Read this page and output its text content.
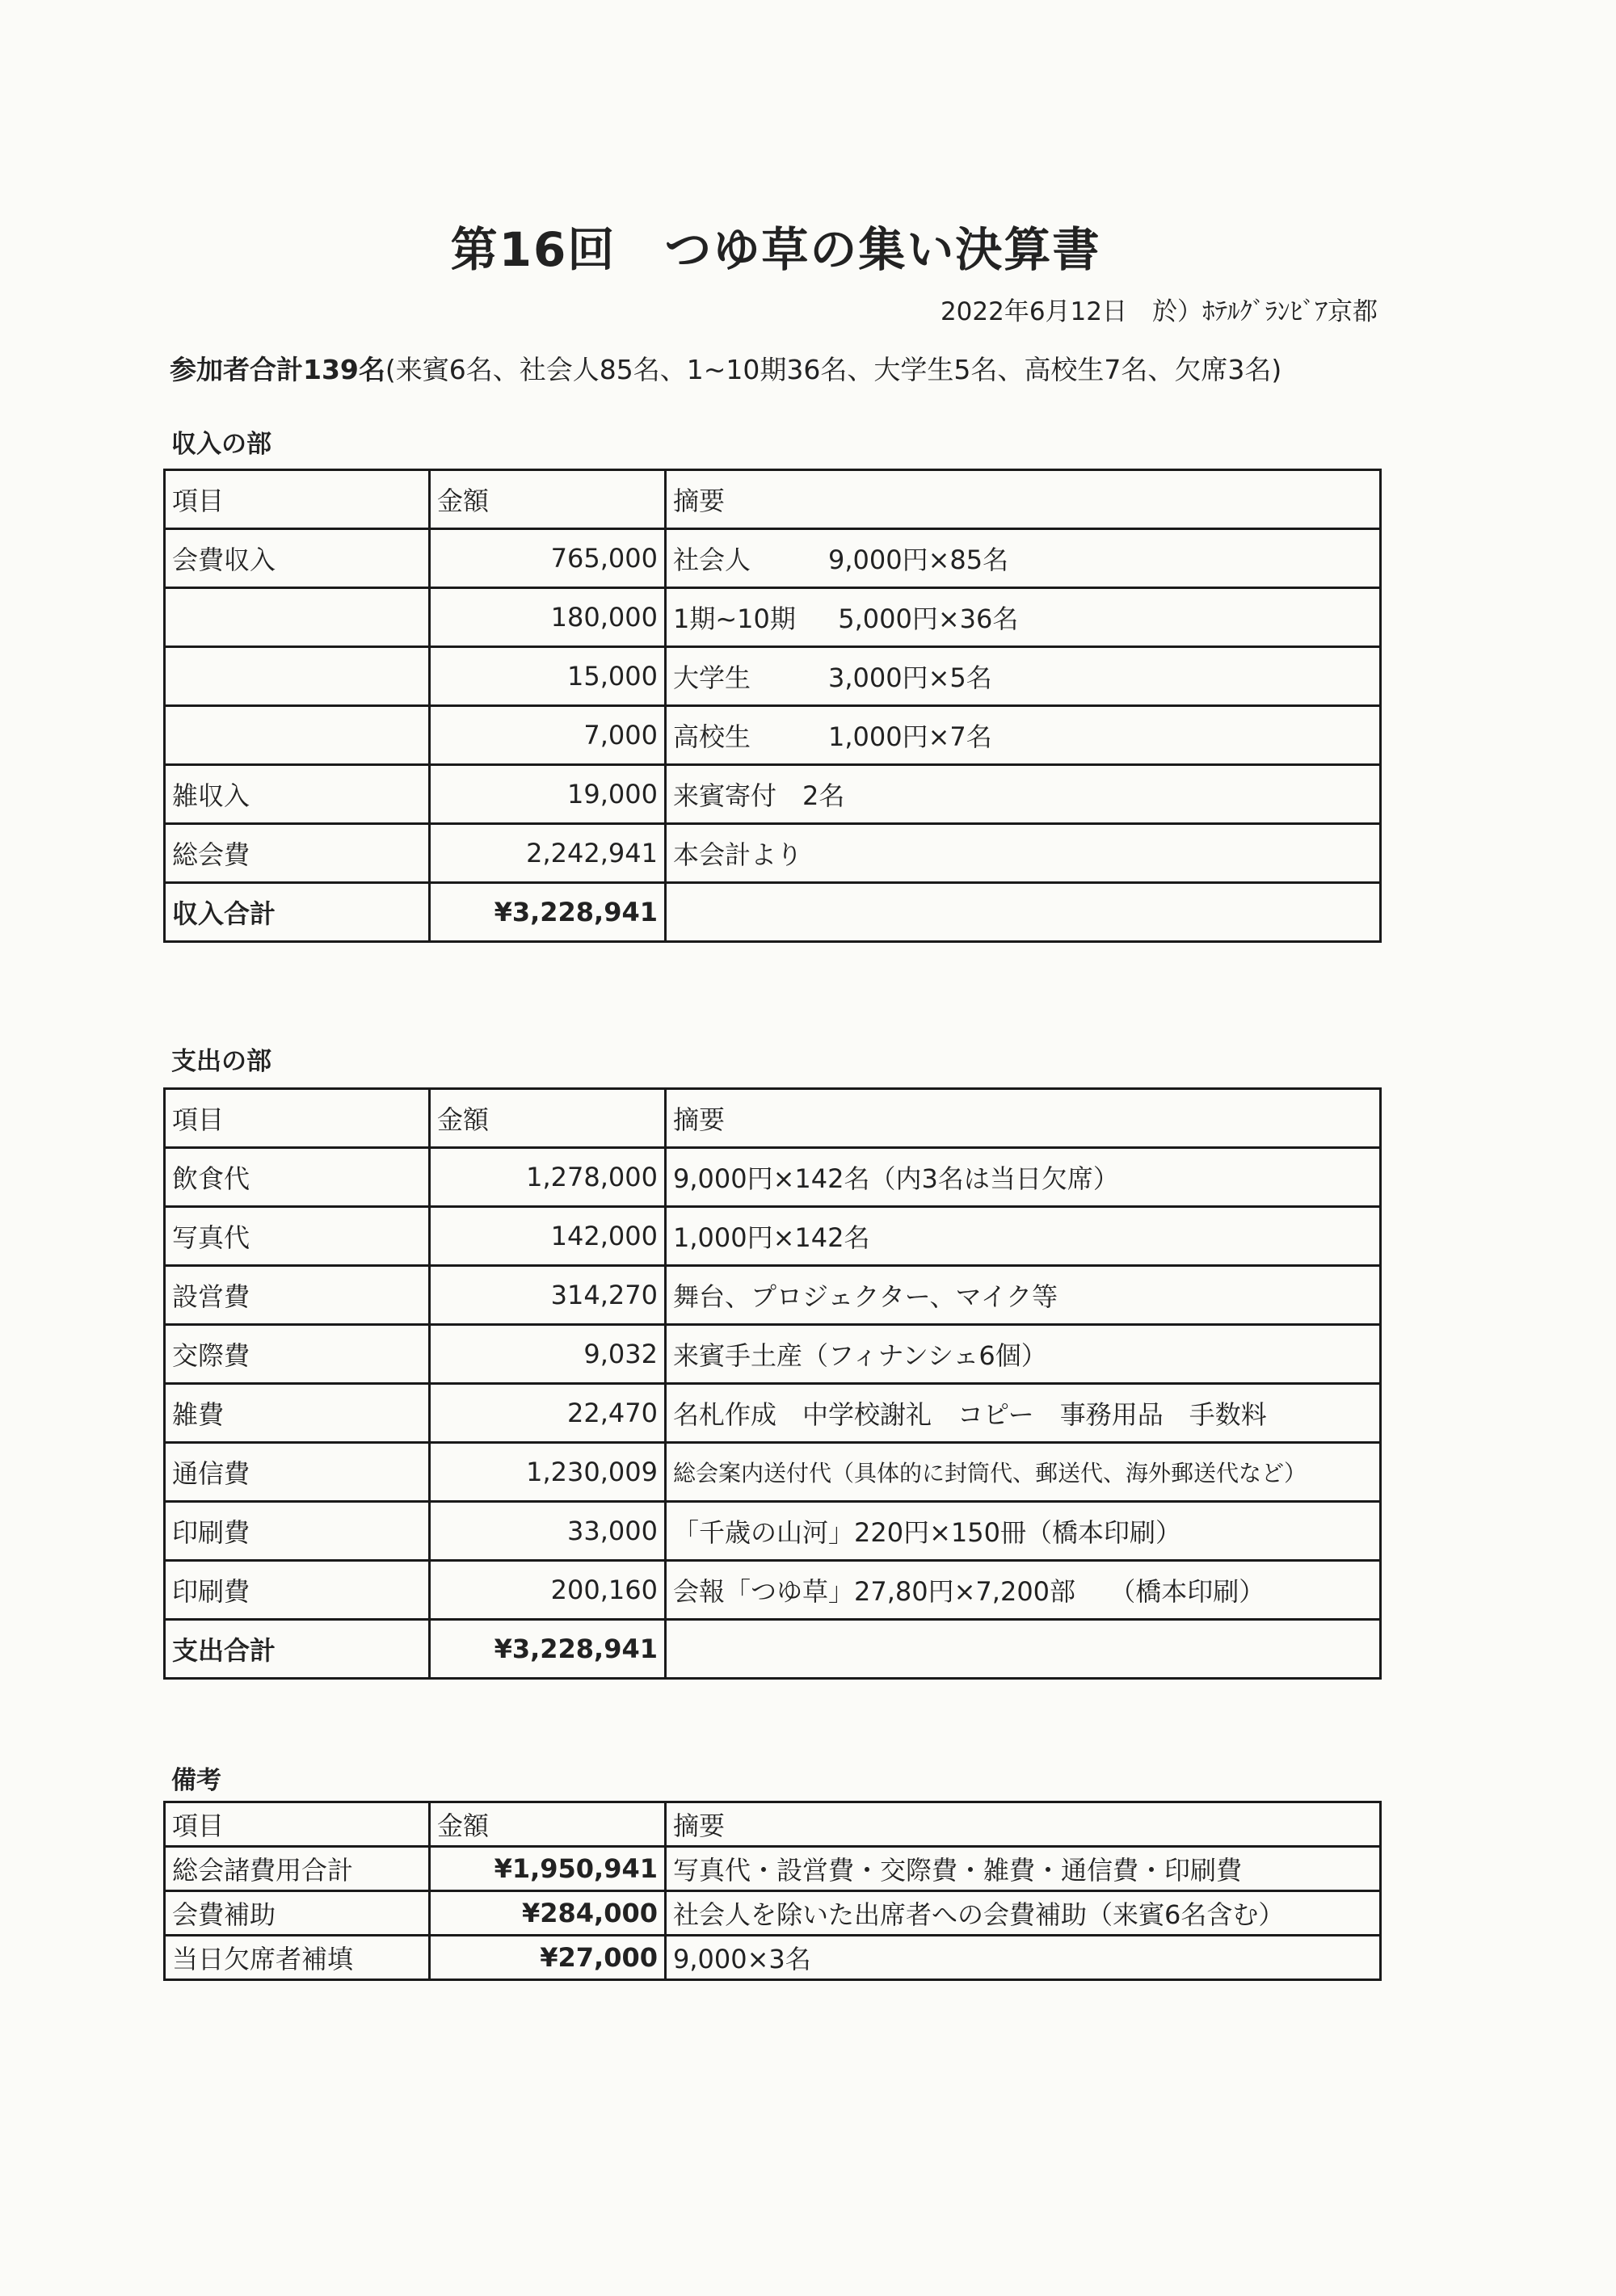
第16回　つゆ草の集い決算書
2022年6月12日　於）ﾎﾃﾙｸﾞﾗﾝﾋﾞｱ京都
参加者合計139名(来賓6名、社会人85名、1~10期36名、大学生5名、高校生7名、欠席3名)
収入の部
項目	金額	摘要
会費収入	765,000	社会人　　　9,000円×85名
	180,000	1期~10期　  5,000円×36名
	15,000	大学生　　　3,000円×5名
	7,000	高校生　　　1,000円×7名
雑収入	19,000	来賓寄付　2名
総会費	2,242,941	本会計より
収入合計	¥3,228,941	
支出の部
項目	金額	摘要
飲食代	1,278,000	9,000円×142名（内3名は当日欠席）
写真代	142,000	1,000円×142名
設営費	314,270	舞台、プロジェクター、マイク等
交際費	9,032	来賓手土産（フィナンシェ6個）
雑費	22,470	名札作成　中学校謝礼　コピー　事務用品　手数料
通信費	1,230,009	総会案内送付代（具体的に封筒代、郵送代、海外郵送代など）
印刷費	33,000	「千歳の山河」220円×150冊（橋本印刷）
印刷費	200,160	会報「つゆ草」27,80円×7,200部　 （橋本印刷）
支出合計	¥3,228,941	
備考
項目	金額	摘要
総会諸費用合計	¥1,950,941	写真代・設営費・交際費・雑費・通信費・印刷費
会費補助	¥284,000	社会人を除いた出席者への会費補助（来賓6名含む）
当日欠席者補填	¥27,000	9,000×3名
